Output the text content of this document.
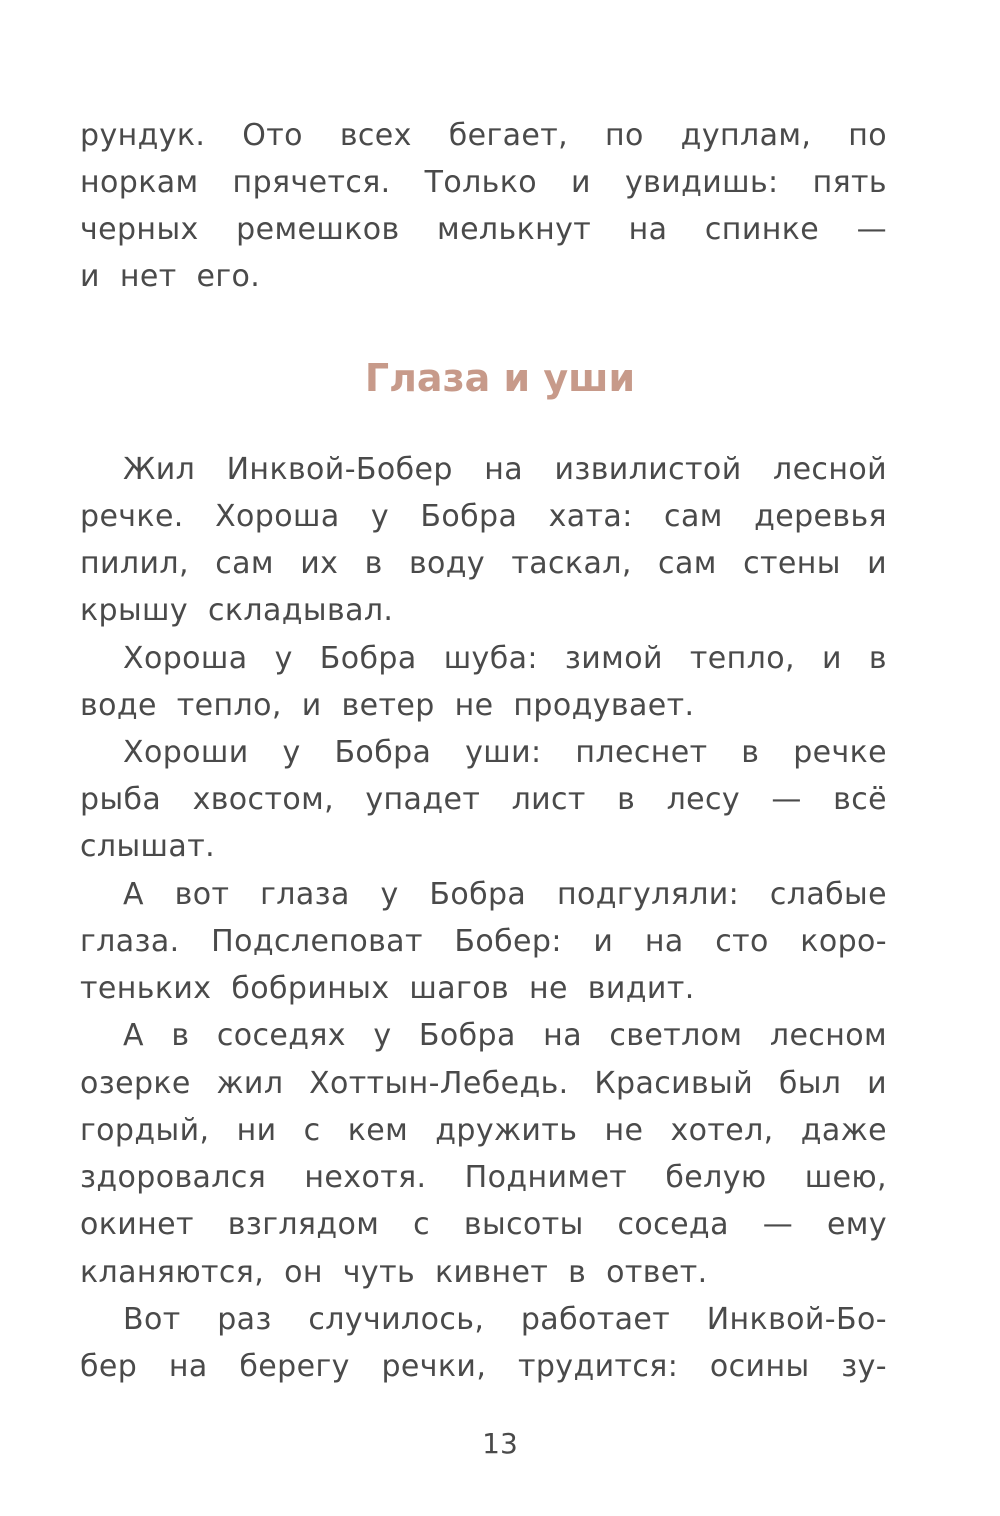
рундук. Ото всех бегает, по дуплам, по
норкам прячется. Только и увидишь: пять
черных ремешков мелькнут на спинке —
и нет его.
Глаза и уши
Жил Инквой-Бобер на извилистой лесной
речке. Хороша у Бобра хата: сам деревья
пилил, сам их в воду таскал, сам стены и
крышу складывал.
Хороша у Бобра шуба: зимой тепло, и в
воде тепло, и ветер не продувает.
Хороши у Бобра уши: плеснет в речке
рыба хвостом, упадет лист в лесу — всё
слышат.
А вот глаза у Бобра подгуляли: слабые
глаза. Подслеповат Бобер: и на сто коро-
теньких бобриных шагов не видит.
А в соседях у Бобра на светлом лесном
озерке жил Хоттын-Лебедь. Красивый был и
гордый, ни с кем дружить не хотел, даже
здоровался нехотя. Поднимет белую шею,
окинет взглядом с высоты соседа — ему
кланяются, он чуть кивнет в ответ.
Вот раз случилось, работает Инквой-Бо-
бер на берегу речки, трудится: осины зу-
13
